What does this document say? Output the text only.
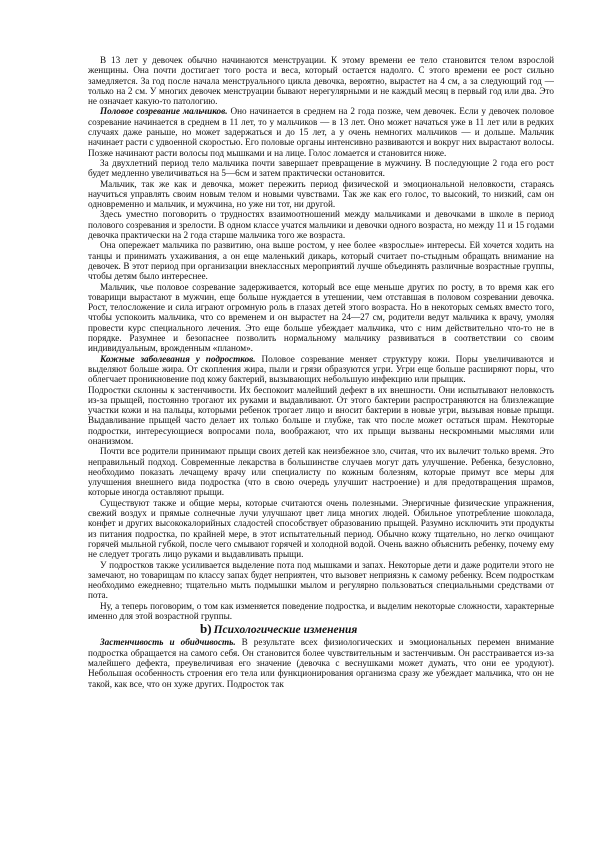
В 13 лет у девочек обычно начинаются менструации. К этому времени ее тело становится телом взрослой женщины. Она почти достигает того роста и веса, который остается надолго. С этого времени ее рост сильно замедляется. За год после начала менструального цикла девочка, вероятно, вырастет на 4 см, а за следующий год — только на 2 см. У многих девочек менструации бывают нерегулярными и не каждый месяц в первый год или два. Это не означает какую-то патологию.

Половое созревание мальчиков. Оно начинается в среднем на 2 года позже, чем девочек. Если у девочек половое созревание начинается в среднем в 11 лет, то у мальчиков — в 13 лет. Оно может начаться уже в 11 лет или в редких случаях даже раньше, но может задержаться и до 15 лет, а у очень немногих мальчиков — и дольше. Мальчик начинает расти с удвоенной скоростью. Его половые органы интенсивно развиваются и вокруг них вырастают волосы. Позже начинают расти волосы под мышками и на лице. Голос ломается и становится ниже.

За двухлетний период тело мальчика почти завершает превращение в мужчину. В последующие 2 года его рост будет медленно увеличиваться на 5—6см и затем практически остановится.

Мальчик, так же как и девочка, может пережить период физической и эмоциональной неловкости, стараясь научиться управлять своим новым телом и новыми чувствами. Так же как его голос, то высокий, то низкий, сам он одновременно и мальчик, и мужчина, но уже ни тот, ни другой.

Здесь уместно поговорить о трудностях взаимоотношений между мальчиками и девочками в школе в период полового созревания и зрелости. В одном классе учатся мальчики и девочки одного возраста, но между 11 и 15 годами девочка практически на 2 года старше мальчика того же возраста.

Она опережает мальчика по развитию, она выше ростом, у нее более «взрослые» интересы. Ей хочется ходить на танцы и принимать ухаживания, а он еще маленький дикарь, который считает по-стыдным обращать внимание на девочек. В этот период при организации внеклассных мероприятий лучше объединять различные возрастные группы, чтобы детям было интереснее.

Мальчик, чье половое созревание задерживается, который все еще меньше других по росту, в то время как его товарищи вырастают в мужчин, еще больше нуждается в утешении, чем отставшая в половом созревании девочка. Рост, телосложение и сила играют огромную роль в глазах детей этого возраста. Но в некоторых семьях вместо того, чтобы успокоить мальчика, что со временем и он вырастет на 24—27 см, родители ведут мальчика к врачу, умоляя провести курс специального лечения. Это еще больше убеждает мальчика, что с ним действительно что-то не в порядке. Разумнее и безопаснее позволить нормальному мальчику развиваться в соответствии со своим индивидуальным, врожденным «планом».

Кожные заболевания у подростков. Половое созревание меняет структуру кожи. Поры увеличиваются и выделяют больше жира. От скопления жира, пыли и грязи образуются угри. Угри еще больше расширяют поры, что облегчает проникновение под кожу бактерий, вызывающих небольшую инфекцию или прыщик.

Подростки склонны к застенчивости. Их беспокоит малейший дефект в их внешности. Они испытывают неловкость из-за прыщей, постоянно трогают их руками и выдавливают. От этого бактерии распространяются на близлежащие участки кожи и на пальцы, которыми ребенок трогает лицо и вносит бактерии в новые угри, вызывая новые прыщи. Выдавливание прыщей часто делает их только больше и глубже, так что после может остаться шрам. Некоторые подростки, интересующиеся вопросами пола, воображают, что их прыщи вызваны нескромными мыслями или онанизмом.

Почти все родители принимают прыщи своих детей как неизбежное зло, считая, что их вылечит только время. Это неправильный подход. Современные лекарства в большинстве случаев могут дать улучшение. Ребенка, безусловно, необходимо показать лечащему врачу или специалисту по кожным болезням, которые примут все меры для улучшения внешнего вида подростка (что в свою очередь улучшит настроение) и для предотвращения шрамов, которые иногда оставляют прыщи.

Существуют также и общие меры, которые считаются очень полезными. Энергичные физические упражнения, свежий воздух и прямые солнечные лучи улучшают цвет лица многих людей. Обильное употребление шоколада, конфет и других высококалорийных сладостей способствует образованию прыщей. Разумно исключить эти продукты из питания подростка, по крайней мере, в этот испытательный период. Обычно кожу тщательно, но легко очищают горячей мыльной губкой, после чего смывают горячей и холодной водой. Очень важно объяснить ребенку, почему ему не следует трогать лицо руками и выдавливать прыщи.

У подростков также усиливается выделение пота под мышками и запах. Некоторые дети и даже родители этого не замечают, но товарищам по классу запах будет неприятен, что вызовет неприязнь к самому ребенку. Всем подросткам необходимо ежедневно; тщательно мыть подмышки мылом и регулярно пользоваться специальными средствами от пота.

Ну, а теперь поговорим, о том как изменяется поведение подростка, и выделим некоторые сложности, характерные именно для этой возрастной группы.

b) Психологические изменения

Застенчивость и обидчивость. В результате всех физиологических и эмоциональных перемен внимание подростка обращается на самого себя. Он становится более чувствительным и застенчивым. Он расстраивается из-за малейшего дефекта, преувеличивая его значение (девочка с веснушками может думать, что они ее уродуют). Небольшая особенность строения его тела или функционирования организма сразу же убеждает мальчика, что он не такой, как все, что он хуже других. Подросток так
